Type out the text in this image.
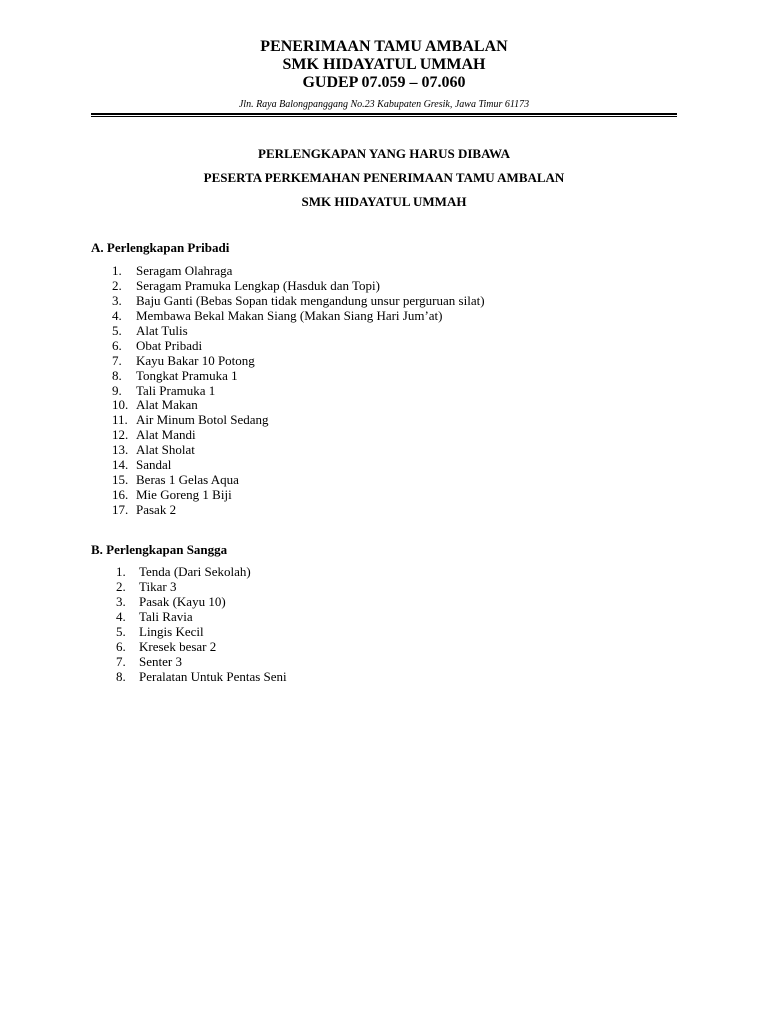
PENERIMAAN TAMU AMBALAN
SMK HIDAYATUL UMMAH
GUDEP 07.059 – 07.060
Jln. Raya Balongpanggang No.23 Kabupaten Gresik, Jawa Timur 61173
PERLENGKAPAN YANG HARUS DIBAWA
PESERTA PERKEMAHAN PENERIMAAN TAMU AMBALAN
SMK HIDAYATUL UMMAH
A. Perlengkapan Pribadi
1. Seragam Olahraga
2. Seragam Pramuka Lengkap (Hasduk dan Topi)
3. Baju Ganti (Bebas Sopan tidak mengandung unsur perguruan silat)
4. Membawa Bekal Makan Siang (Makan Siang Hari Jum’at)
5. Alat Tulis
6. Obat Pribadi
7. Kayu Bakar 10 Potong
8. Tongkat Pramuka 1
9. Tali Pramuka 1
10. Alat Makan
11. Air Minum Botol Sedang
12. Alat Mandi
13. Alat Sholat
14. Sandal
15. Beras 1 Gelas Aqua
16. Mie Goreng 1 Biji
17. Pasak 2
B. Perlengkapan Sangga
1. Tenda (Dari Sekolah)
2. Tikar 3
3. Pasak (Kayu 10)
4. Tali Ravia
5. Lingis Kecil
6. Kresek besar 2
7. Senter 3
8. Peralatan Untuk Pentas Seni
